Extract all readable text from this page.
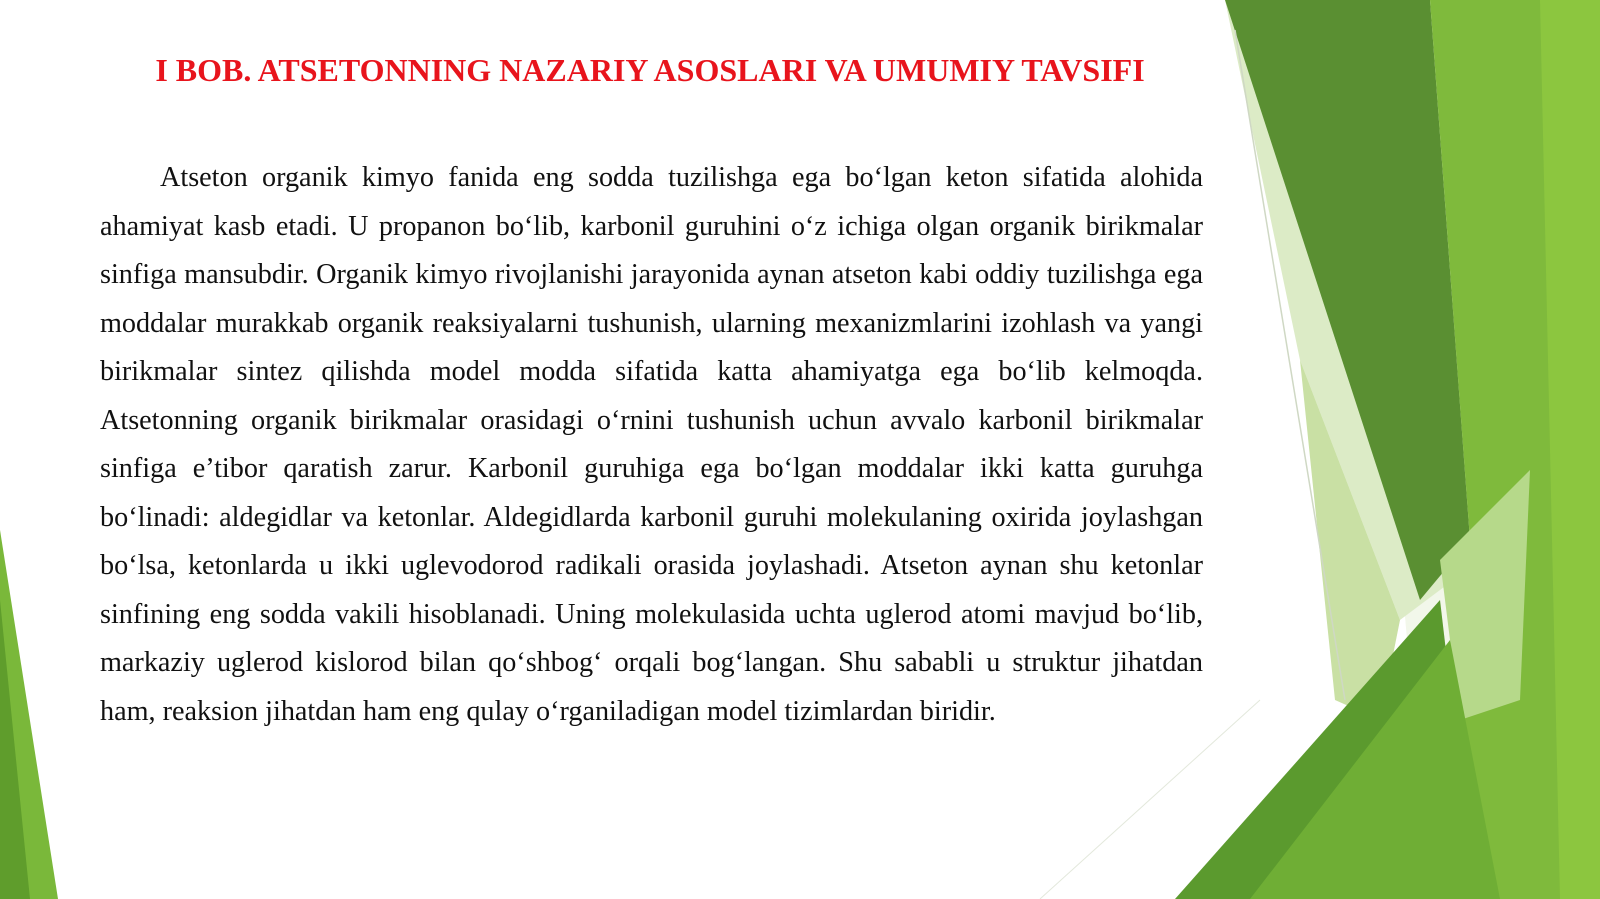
I BOB. ATSETONNING NAZARIY ASOSLARI VA UMUMIY TAVSIFI

Atseton organik kimyo fanida eng sodda tuzilishga ega bo‘lgan keton sifatida alohida ahamiyat kasb etadi. U propanon bo‘lib, karbonil guruhini o‘z ichiga olgan organik birikmalar sinfiga mansubdir. Organik kimyo rivojlanishi jarayonida aynan atseton kabi oddiy tuzilishga ega moddalar murakkab organik reaksiyalarni tushunish, ularning mexanizmlarini izohlash va yangi birikmalar sintez qilishda model modda sifatida katta ahamiyatga ega bo‘lib kelmoqda. Atsetonning organik birikmalar orasidagi o‘rnini tushunish uchun avvalo karbonil birikmalar sinfiga e’tibor qaratish zarur. Karbonil guruhiga ega bo‘lgan moddalar ikki katta guruhga bo‘linadi: aldegidlar va ketonlar. Aldegidlarda karbonil guruhi molekulaning oxirida joylashgan bo‘lsa, ketonlarda u ikki uglevodorod radikali orasida joylashadi. Atseton aynan shu ketonlar sinfining eng sodda vakili hisoblanadi. Uning molekulasida uchta uglerod atomi mavjud bo‘lib, markaziy uglerod kislorod bilan qo‘shbog‘ orqali bog‘langan. Shu sababli u struktur jihatdan ham, reaksion jihatdan ham eng qulay o‘rganiladigan model tizimlardan biridir.
